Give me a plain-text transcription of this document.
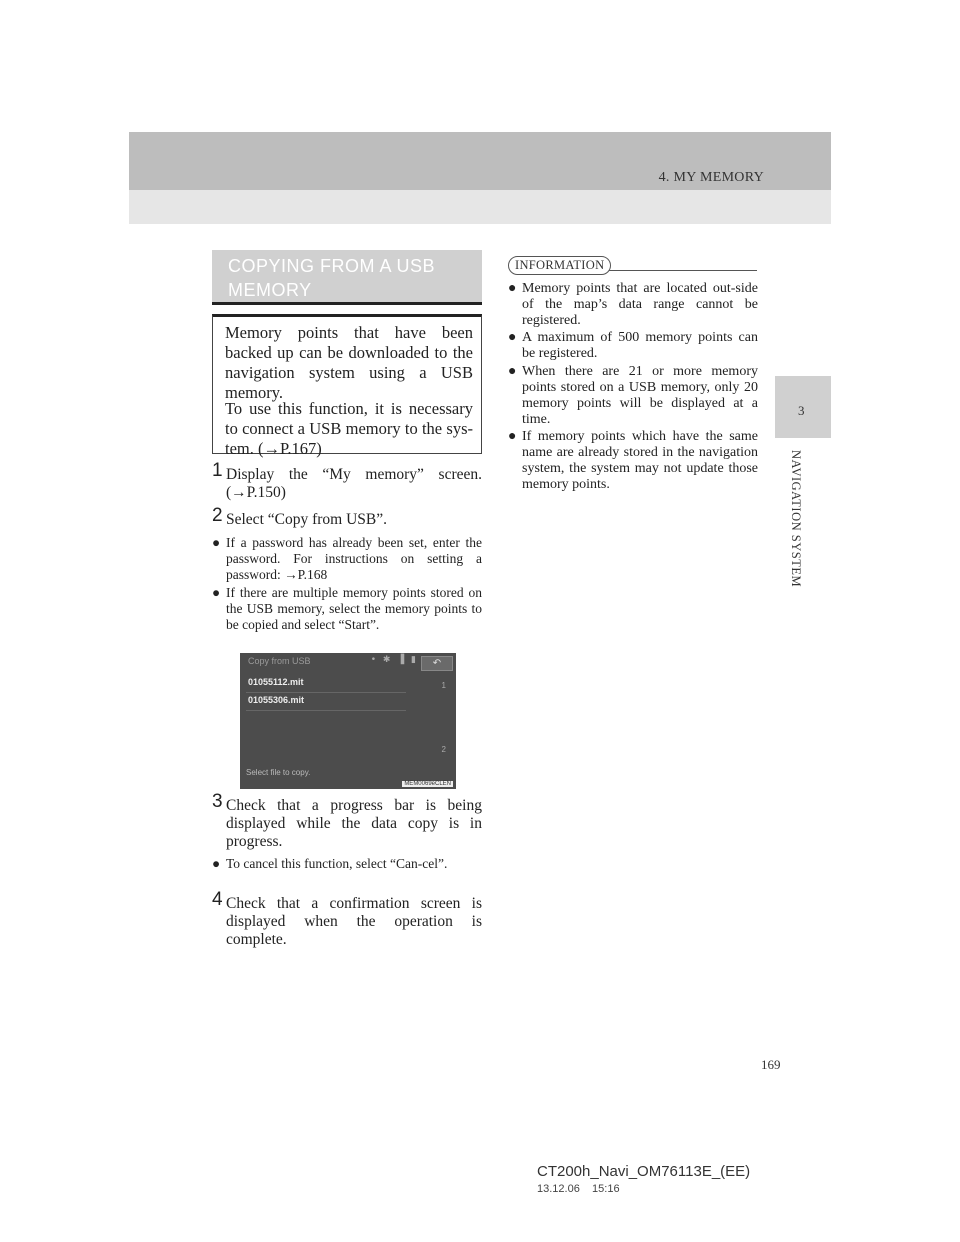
4. MY MEMORY
3
NAVIGATION SYSTEM
COPYING FROM A USB MEMORY
Memory points that have been backed up can be downloaded to the navigation system using a USB memory.
To use this function, it is necessary to connect a USB memory to the sys-tem. (→P.167)
1 Display the “My memory” screen. (→P.150)
2 Select “Copy from USB”.
● If a password has already been set, enter the password. For instructions on setting a password: →P.168
● If there are multiple memory points stored on the USB memory, select the memory points to be copied and select “Start”.
Copy from USB	• ✱ ▐ ▮	↶
01055112.mit
01055306.mit
1
2
Select file to copy.
MEM0069eCLEN
3 Check that a progress bar is being displayed while the data copy is in progress.
● To cancel this function, select “Can-cel”.
4 Check that a confirmation screen is displayed when the operation is complete.
INFORMATION
● Memory points that are located out-side of the map’s data range cannot be registered.
● A maximum of 500 memory points can be registered.
● When there are 21 or more memory points stored on a USB memory, only 20 memory points will be displayed at a time.
● If memory points which have the same name are already stored in the navigation system, the system may not update those memory points.
169
CT200h_Navi_OM76113E_(EE)
13.12.06    15:16
